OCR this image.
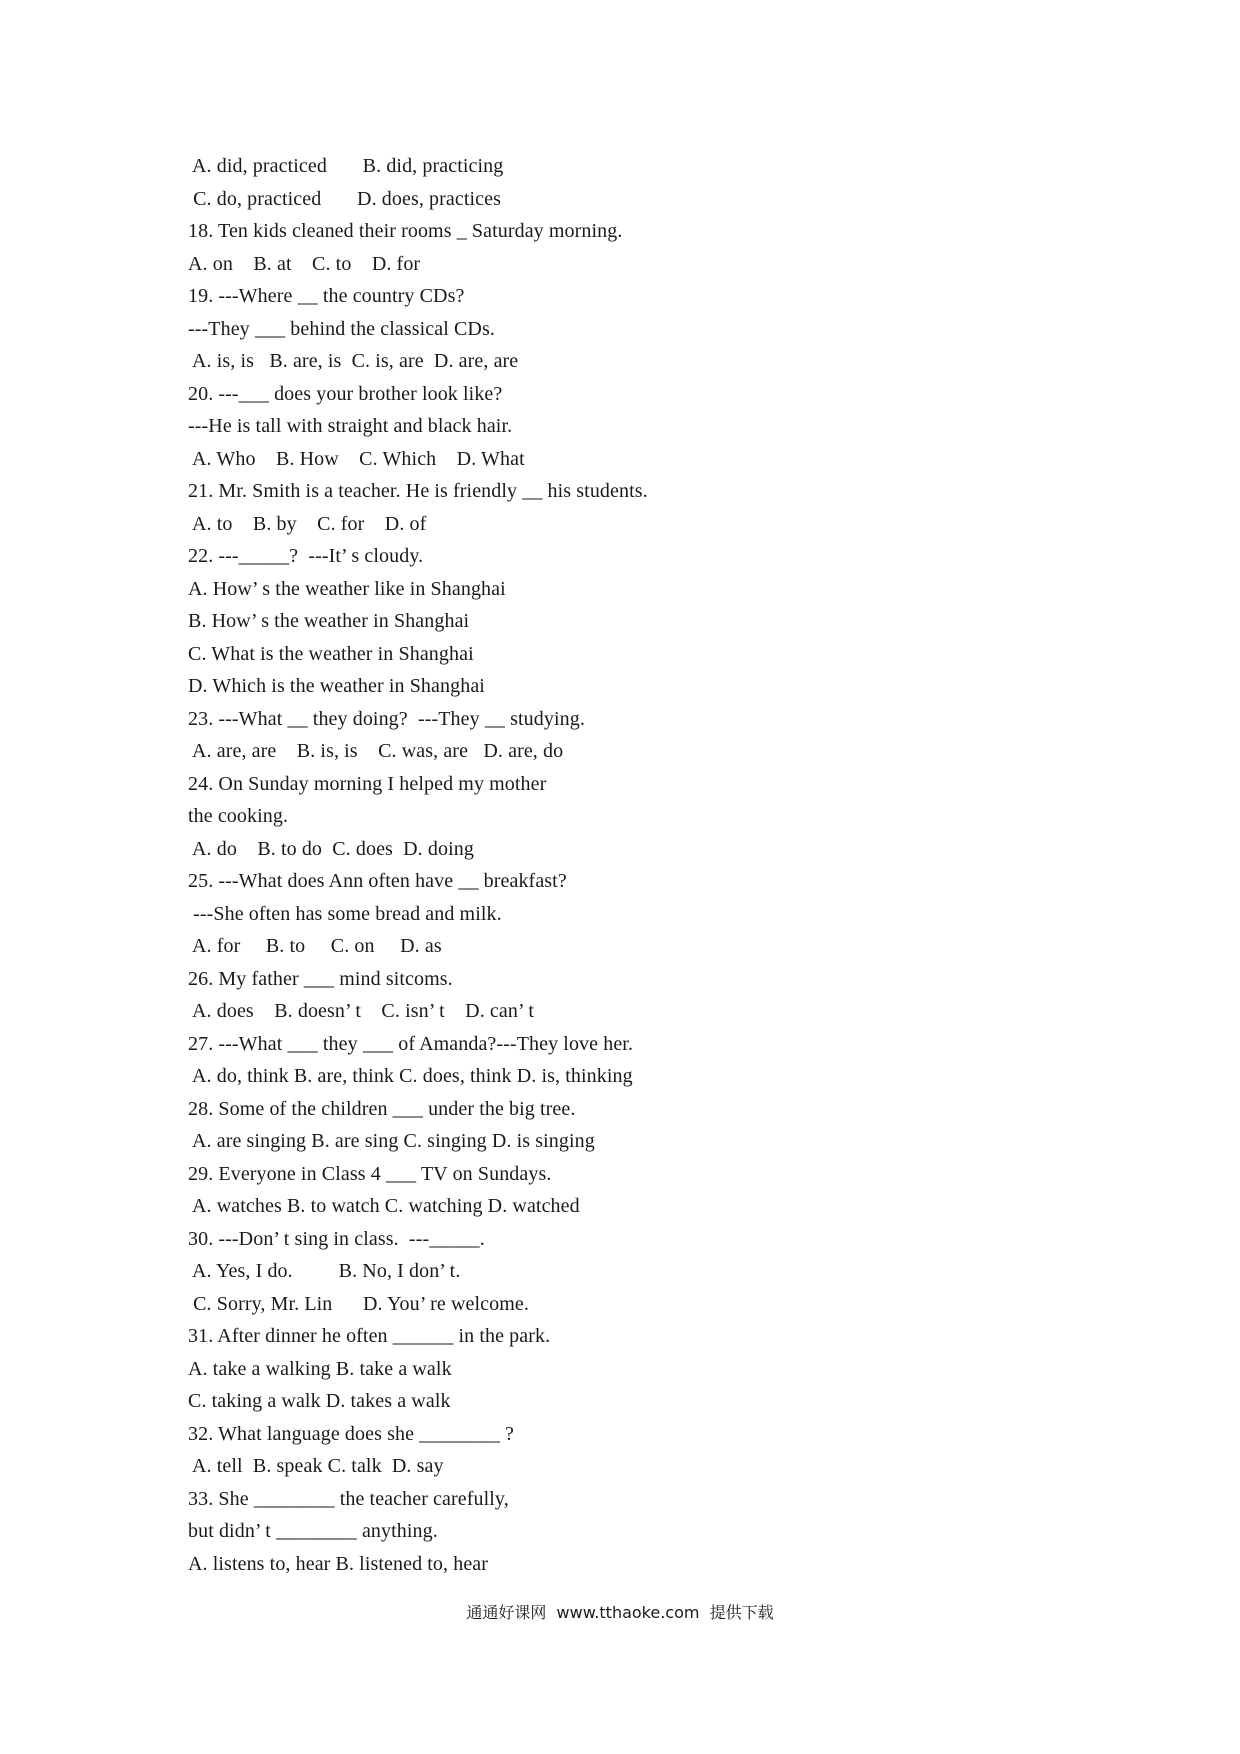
A. did, practiced       B. did, practicing
C. do, practiced       D. does, practices
18. Ten kids cleaned their rooms _ Saturday morning.
A. on    B. at    C. to    D. for
19. ---Where __ the country CDs?
---They ___ behind the classical CDs.
A. is, is   B. are, is  C. is, are  D. are, are
20. ---___ does your brother look like?
---He is tall with straight and black hair.
A. Who    B. How    C. Which    D. What
21. Mr. Smith is a teacher. He is friendly __ his students.
A. to    B. by    C. for    D. of
22. ---_____?  ---It’ s cloudy.
A. How’ s the weather like in Shanghai
B. How’ s the weather in Shanghai
C. What is the weather in Shanghai
D. Which is the weather in Shanghai
23. ---What __ they doing?  ---They __ studying.
A. are, are    B. is, is    C. was, are   D. are, do
24. On Sunday morning I helped my mother
the cooking.
A. do    B. to do  C. does  D. doing
25. ---What does Ann often have __ breakfast?
---She often has some bread and milk.
A. for     B. to     C. on     D. as
26. My father ___ mind sitcoms.
A. does    B. doesn’ t    C. isn’ t    D. can’ t
27. ---What ___ they ___ of Amanda?---They love her.
A. do, think B. are, think C. does, think D. is, thinking
28. Some of the children ___ under the big tree.
A. are singing B. are sing C. singing D. is singing
29. Everyone in Class 4 ___ TV on Sundays.
A. watches B. to watch C. watching D. watched
30. ---Don’ t sing in class.  ---_____.
A. Yes, I do.         B. No, I don’ t.
C. Sorry, Mr. Lin      D. You’ re welcome.
31. After dinner he often ______ in the park.
A. take a walking B. take a walk
C. taking a walk D. takes a walk
32. What language does she ________ ?
A. tell  B. speak C. talk  D. say
33. She ________ the teacher carefully,
but didn’ t ________ anything.
A. listens to, hear B. listened to, hear
通通好课网  www.tthaoke.com  提供下载
